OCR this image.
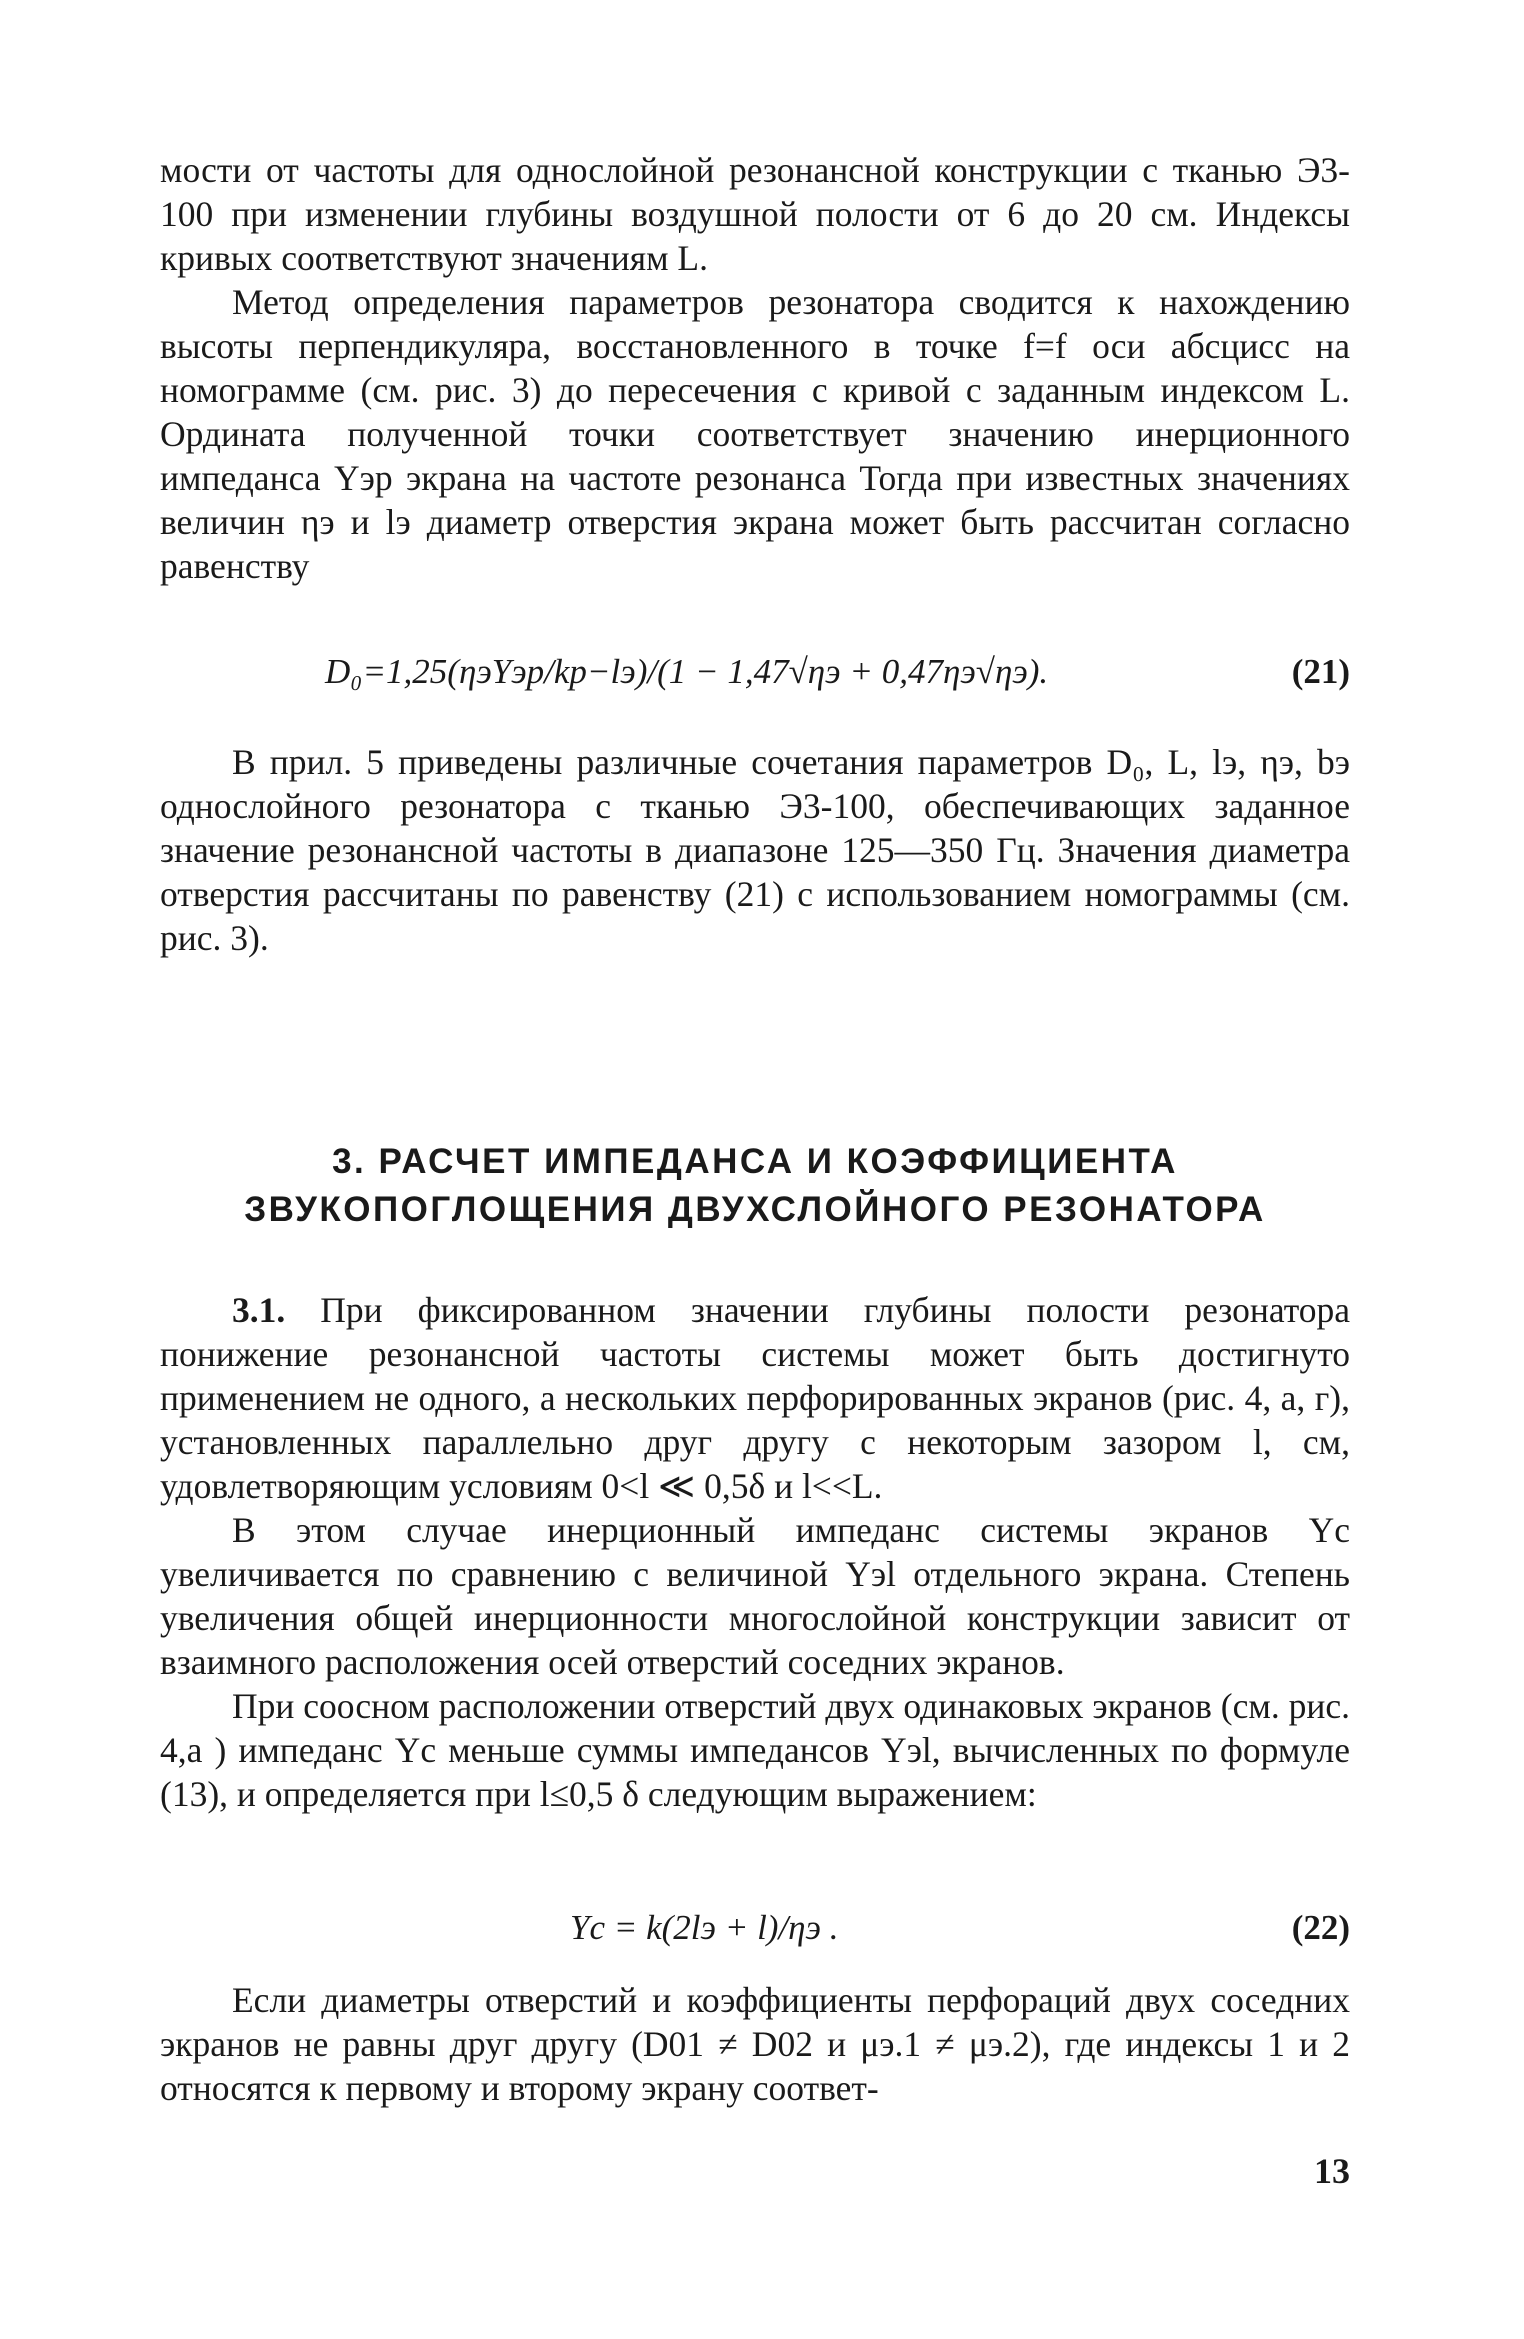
мости от частоты для однослойной резонансной конструкции с тканью Э3-100 при изменении глубины воздушной полости от 6 до 20 см. Индексы кривых соответствуют значениям L.

Метод определения параметров резонатора сводится к нахождению высоты перпендикуляра, восстановленного в точке f=f оси абсцисс на номограмме (см. рис. 3) до пересечения с кривой с заданным индексом L. Ордината полученной точки соответствует значению инерционного импеданса Yэр экрана на частоте резонанса Тогда при известных значениях величин ηэ и lэ диаметр отверстия экрана может быть рассчитан согласно равенству

D₀=1,25(ηэYэр/kр−lэ)/(1 − 1,47√ηэ + 0,47ηэ√ηэ).	(21)

В прил. 5 приведены различные сочетания параметров D₀, L, lэ, ηэ, bэ однослойного резонатора с тканью Э3-100, обеспечивающих заданное значение резонансной частоты в диапазоне 125—350 Гц. Значения диаметра отверстия рассчитаны по равенству (21) с использованием номограммы (см. рис. 3).

3. РАСЧЕТ ИМПЕДАНСА И КОЭФФИЦИЕНТА
ЗВУКОПОГЛОЩЕНИЯ ДВУХСЛОЙНОГО РЕЗОНАТОРА

3.1. При фиксированном значении глубины полости резонатора понижение резонансной частоты системы может быть достигнуто применением не одного, а нескольких перфорированных экранов (рис. 4, а, г), установленных параллельно друг другу с некоторым зазором l, см, удовлетворяющим условиям 0<l ≪ 0,5δ и l<<L.

В этом случае инерционный импеданс системы экранов Yс увеличивается по сравнению с величиной Yэl отдельного экрана. Степень увеличения общей инерционности многослойной конструкции зависит от взаимного расположения осей отверстий соседних экранов.

При соосном расположении отверстий двух одинаковых экранов (см. рис. 4,а ) импеданс Yс меньше суммы импедансов Yэl, вычисленных по формуле (13), и определяется при l≤0,5 δ следующим выражением:

Yс = k(2lэ + l)/ηэ .	(22)

Если диаметры отверстий и коэффициенты перфораций двух соседних экранов не равны друг другу (D01 ≠ D02 и μэ.1 ≠ μэ.2), где индексы 1 и 2 относятся к первому и второму экрану соответ-

13
